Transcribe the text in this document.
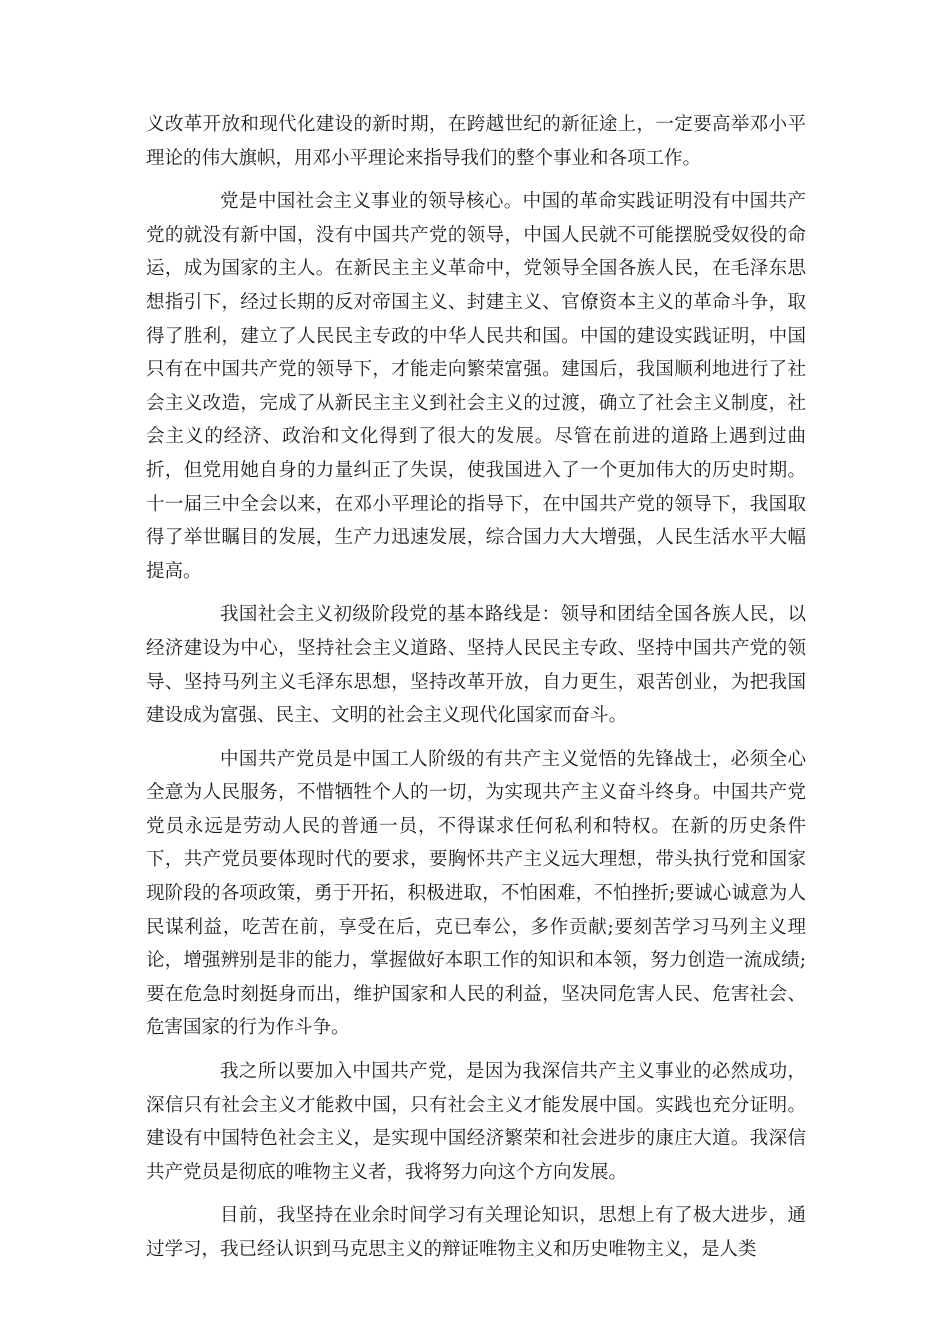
义改革开放和现代化建设的新时期，在跨越世纪的新征途上，一定要高举邓小平理论的伟大旗帜，用邓小平理论来指导我们的整个事业和各项工作。

党是中国社会主义事业的领导核心。中国的革命实践证明没有中国共产党的就没有新中国，没有中国共产党的领导，中国人民就不可能摆脱受奴役的命运，成为国家的主人。在新民主主义革命中，党领导全国各族人民，在毛泽东思想指引下，经过长期的反对帝国主义、封建主义、官僚资本主义的革命斗争，取得了胜利，建立了人民民主专政的中华人民共和国。中国的建设实践证明，中国只有在中国共产党的领导下，才能走向繁荣富强。建国后，我国顺利地进行了社会主义改造，完成了从新民主主义到社会主义的过渡，确立了社会主义制度，社会主义的经济、政治和文化得到了很大的发展。尽管在前进的道路上遇到过曲折，但党用她自身的力量纠正了失误，使我国进入了一个更加伟大的历史时期。十一届三中全会以来，在邓小平理论的指导下，在中国共产党的领导下，我国取得了举世瞩目的发展，生产力迅速发展，综合国力大大增强，人民生活水平大幅提高。

我国社会主义初级阶段党的基本路线是：领导和团结全国各族人民，以经济建设为中心，坚持社会主义道路、坚持人民民主专政、坚持中国共产党的领导、坚持马列主义毛泽东思想，坚持改革开放，自力更生，艰苦创业，为把我国建设成为富强、民主、文明的社会主义现代化国家而奋斗。

中国共产党员是中国工人阶级的有共产主义觉悟的先锋战士，必须全心全意为人民服务，不惜牺牲个人的一切，为实现共产主义奋斗终身。中国共产党党员永远是劳动人民的普通一员，不得谋求任何私利和特权。在新的历史条件下，共产党员要体现时代的要求，要胸怀共产主义远大理想，带头执行党和国家现阶段的各项政策，勇于开拓，积极进取，不怕困难，不怕挫折;要诚心诚意为人民谋利益，吃苦在前，享受在后，克已奉公，多作贡献;要刻苦学习马列主义理论，增强辨别是非的能力，掌握做好本职工作的知识和本领，努力创造一流成绩;要在危急时刻挺身而出，维护国家和人民的利益，坚决同危害人民、危害社会、危害国家的行为作斗争。

我之所以要加入中国共产党，是因为我深信共产主义事业的必然成功，深信只有社会主义才能救中国，只有社会主义才能发展中国。实践也充分证明。建设有中国特色社会主义，是实现中国经济繁荣和社会进步的康庄大道。我深信共产党员是彻底的唯物主义者，我将努力向这个方向发展。

目前，我坚持在业余时间学习有关理论知识，思想上有了极大进步，通过学习，我已经认识到马克思主义的辩证唯物主义和历史唯物主义，是人类
